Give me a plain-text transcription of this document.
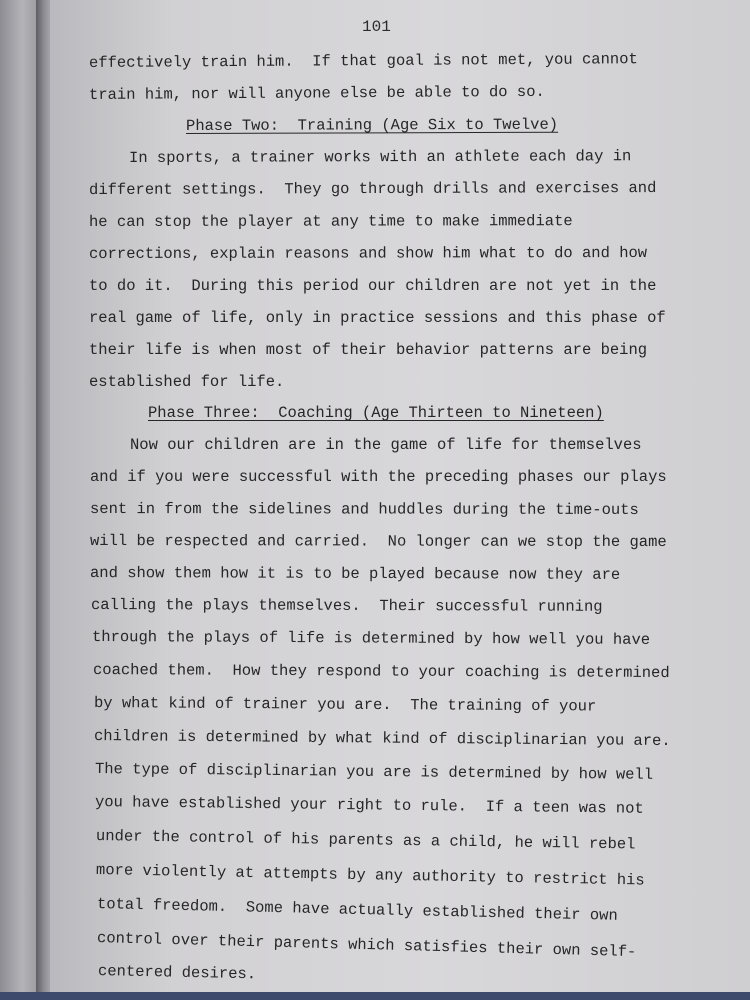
101
effectively train him.  If that goal is not met, you cannot
train him, nor will anyone else be able to do so.
Phase Two:  Training (Age Six to Twelve)
In sports, a trainer works with an athlete each day in
different settings.  They go through drills and exercises and
he can stop the player at any time to make immediate
corrections, explain reasons and show him what to do and how
to do it.  During this period our children are not yet in the
real game of life, only in practice sessions and this phase of
their life is when most of their behavior patterns are being
established for life.
Phase Three:  Coaching (Age Thirteen to Nineteen)
Now our children are in the game of life for themselves
and if you were successful with the preceding phases our plays
sent in from the sidelines and huddles during the time-outs
will be respected and carried.  No longer can we stop the game
and show them how it is to be played because now they are
calling the plays themselves.  Their successful running
through the plays of life is determined by how well you have
coached them.  How they respond to your coaching is determined
by what kind of trainer you are.  The training of your
children is determined by what kind of disciplinarian you are.
The type of disciplinarian you are is determined by how well
you have established your right to rule.  If a teen was not
under the control of his parents as a child, he will rebel
more violently at attempts by any authority to restrict his
total freedom.  Some have actually established their own
control over their parents which satisfies their own self-
centered desires.
